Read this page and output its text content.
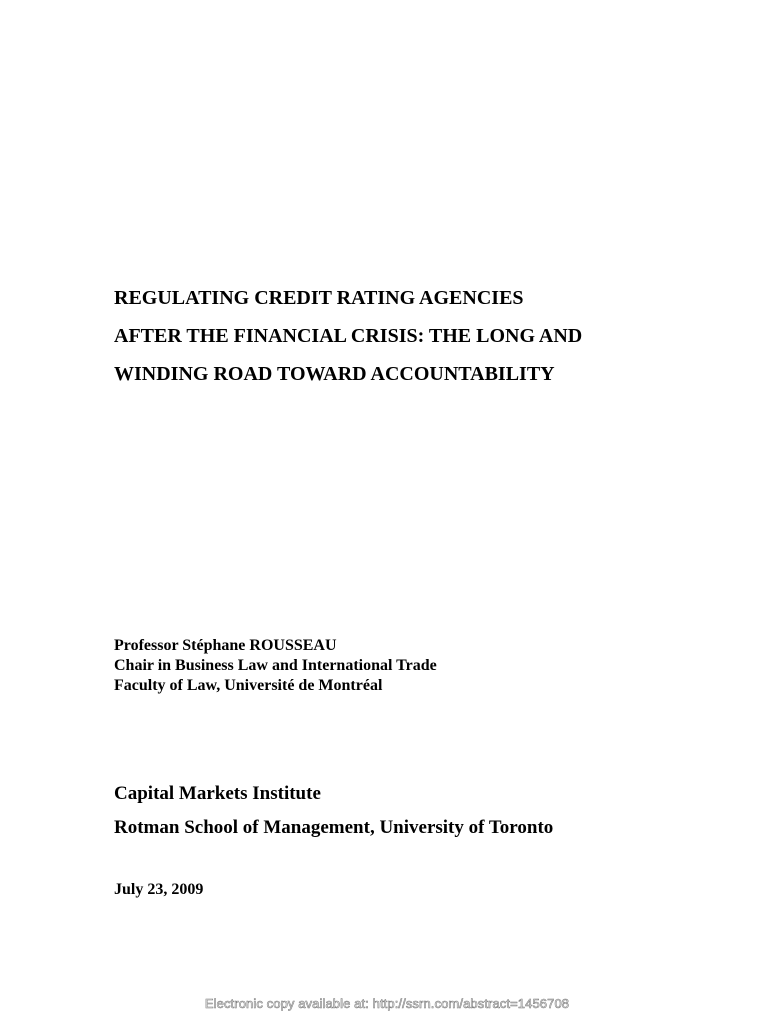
REGULATING CREDIT RATING AGENCIES
AFTER THE FINANCIAL CRISIS: THE LONG AND
WINDING ROAD TOWARD ACCOUNTABILITY
Professor Stéphane ROUSSEAU
Chair in Business Law and International Trade
Faculty of Law, Université de Montréal
Capital Markets Institute
Rotman School of Management, University of Toronto
July 23, 2009
Electronic copy available at: http://ssrn.com/abstract=1456708
